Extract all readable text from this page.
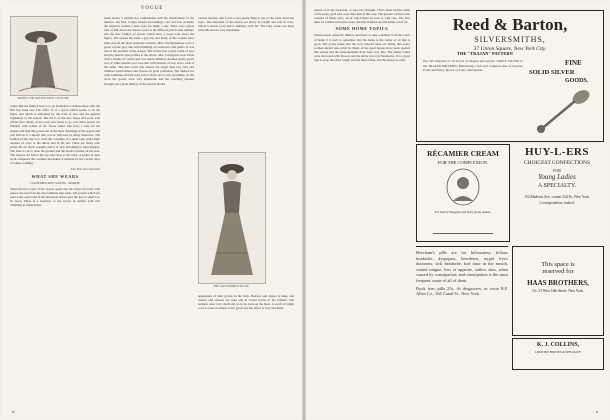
VOGUE
MODEL FOR WINTER WALK COSTUME
cades. But the fashion now is to go in Molier's costume more after the first has been run. The effect is of a gown which seems to fit the figure and which is enlivened by the scarf of lace and the general brightness of the season. The hat is of the new shape and worn well off the face. Many of the coats now made to go over these gowns are finished with collars of fur. These ladies who have a taste for the simple will find this gown one of the most charming of the season and will find in it a model that can be followed in many materials. The fashion of the day is to wear the costumes of a quiet tone with bright touches of color at the throat and in the hat. There are many who prefer the all black costume and it is very becoming to most figures. The skirt is cut to clear the ground and the bodice fastens on the side. The sleeves are full at the top and close at the wrist. A jacket of dark cloth completes the costume and makes it suitable for the coldest days of winter walking.
The Duc de Charmeil
WHAT SHE WEARS
COSTUMES AND GOWNS - SEASON
When the first week of the season opens and the tailors are busy with orders one sees how the new fashions take form. The gowns which are seen at the opera and in the afternoon drives give the key to what is to be worn. There is a tendency to the severe in outline with rich trimming in small detail.
black moiré, a terribly hot combination with the thermometer in the nineties, but Mrs. Cruger looked exceedingly cool and was certainly the smartest woman I have seen for many a day. There was a great deal of talk about the dresses worn at the different places this summer and the new fashion of gowns which have a loose look about the figure. The season has been a gay one and many of the women have been seen in the most elaborate toilettes. Miss Van Rensselaer wore a gown of pale grey silk with trimming of cream lace and pearls. It was one of the prettiest of the season. The bodice had a deep collar of lace and the sleeves were puffed to the elbow. Mrs. Livingston wore black with a bonnet of violets and was much admired. Another pretty gown was of white muslin over rose silk with ribbons of rose and a sash of the same. The hats worn this season are larger than last year and trimmed with feathers and flowers in great profusion. The fashion for veils continues and the long veil of black net is very becoming. At the races the gowns were very handsome and the coaching parades brought out a great display of the newest modes.
THE LATE FASHION PLATE
a black mousse, and it was a very pretty thing to see as she came down the steps. The materials of the season are heavy in weight and rich in color. Velvet is much worn and is trimmed with fur. The long cloaks are lined with silk and are very handsome.
appearance of their gowns in the back. Bodices and drapes is done, and trouser and sleeves are seen and in varied forms of the fashion. The bonnets were very small and worn far back on the head. A touch of bright color is seen on almost every gown and the effect is very charming.
iv
turned of on the back hair, or was once thought. I have been told the same of the pretty girls who wear their hair in this way. The present careful toilet consists of many parts, all of which must be seen to with care. The face must be washed with pure water, the hair brushed and the hands cared for.
SOME HOME TOPICS
When people generally think it necessary to take a holiday from the cares of home it is well to remember that the home is the center of all that is good. The pretty house and the well ordered table are things that every woman should take pride in. Many of the great houses have been opened this season and the entertainments have been very fine. The dinner tables were decorated with flowers and the silver was very handsome. It is a good rule to keep the silver bright and the linen white, and the house in order.
Reed & Barton,
SILVERSMITHS,
37 Union Square, New York City.
We call attention of all lovers of elegant and artistic TABLE SILVER to the TRAJAN PATTERN. Embracing a full and complete line of Spoons, Forks and fancy pieces of every description.
THE "TRAJAN" PATTERN
FINE
SOLID SILVER
GOODS.
RÉCAMIER CREAM
FOR THE COMPLEXION.
For Sale by Druggists and fancy goods dealers.
HUY-L-ERS
CHOICEST CONFECTIONS
FOR
Young Ladies
A SPECIALTY.
152 Madison Ave., corner 32d St., New York.
Correspondence invited.
Beecham's pills are for biliousness, bilious headache, dyspepsia, heartburn, torpid liver, dizziness, sick headache, bad taste in the mouth, coated tongue, loss of appetite, sallow skin, when caused by constipation; and constipation is the most frequent cause of all of them.
Book free; pills 25c. At drugstores, or write B.F. Allen Co., 365 Canal St., New York.
This space is
reserved for
HAAS BROTHERS,
No. 53 West 16th Street, New York.
K. J. COLLINS,
COUNTRY HOUSES & SPECIALTY
v
